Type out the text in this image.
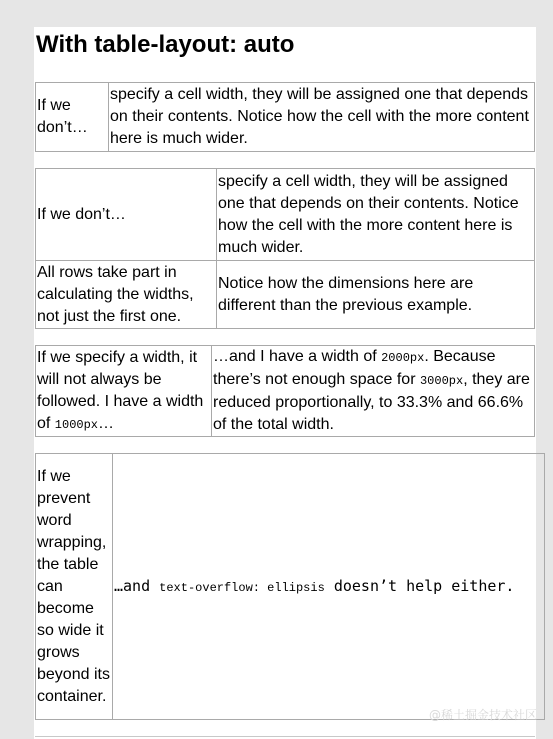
With table-layout: auto
If we don’t…	specify a cell width, they will be assigned one that depends on their contents. Notice how the cell with the more content here is much wider.
If we don’t…	specify a cell width, they will be assigned one that depends on their contents. Notice how the cell with the more content here is much wider.
All rows take part in calculating the widths, not just the first one.	Notice how the dimensions here are different than the previous example.
If we specify a width, it will not always be followed. I have a width of 1000px…	…and I have a width of 2000px. Because there’s not enough space for 3000px, they are reduced proportionally, to 33.3% and 66.6% of the total width.
If we prevent word wrapping, the table can become so wide it grows beyond its container.	…and text-overflow: ellipsis doesn’t help either.
@稀土掘金技术社区
